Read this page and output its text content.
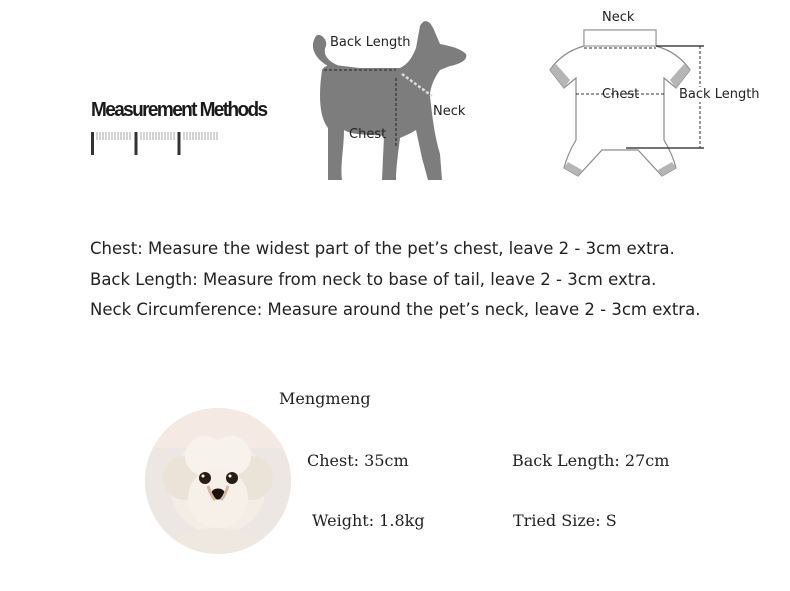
Measurement Methods
Back Length
Neck
Chest
Neck
Chest	Back Length
Chest: Measure the widest part of the pet’s chest, leave 2 - 3cm extra.
Back Length: Measure from neck to base of tail, leave 2 - 3cm extra.
Neck Circumference: Measure around the pet’s neck, leave 2 - 3cm extra.
Mengmeng
Chest: 35cm	Back Length: 27cm
Weight: 1.8kg	Tried Size: S
